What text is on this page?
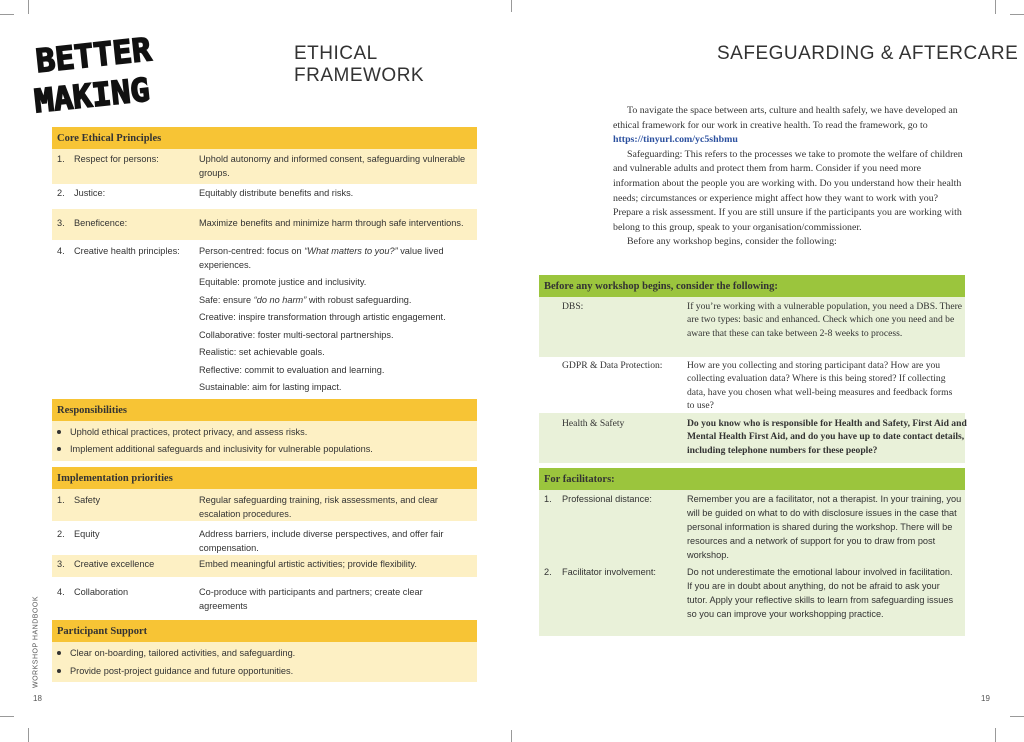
BETTER
MAKING
ETHICAL FRAMEWORK
Core Ethical Principles
1. Respect for persons:	Uphold autonomy and informed consent, safeguarding vulnerable groups.
2. Justice:	Equitably distribute benefits and risks.
3. Beneficence:	Maximize benefits and minimize harm through safe interventions.
4. Creative health principles: Person-centred: focus on “What matters to you?” value lived experiences.
Equitable: promote justice and inclusivity.
Safe: ensure “do no harm” with robust safeguarding.
Creative: inspire transformation through artistic engagement.
Collaborative: foster multi-sectoral partnerships.
Realistic: set achievable goals.
Reflective: commit to evaluation and learning.
Sustainable: aim for lasting impact.
Responsibilities
Uphold ethical practices, protect privacy, and assess risks.
Implement additional safeguards and inclusivity for vulnerable populations.
Implementation priorities
1. Safety	Regular safeguarding training, risk assessments, and clear escalation procedures.
2. Equity	Address barriers, include diverse perspectives, and offer fair compensation.
3. Creative excellence	Embed meaningful artistic activities; provide flexibility.
4. Collaboration	Co-produce with participants and partners; create clear agreements
Participant Support
Clear on-boarding, tailored activities, and safeguarding.
Provide post-project guidance and future opportunities.
WORKSHOP HANDBOOK
18
SAFEGUARDING & AFTERCARE

To navigate the space between arts, culture and health safely, we have developed an ethical framework for our work in creative health. To read the framework, go to https://tinyurl.com/yc5shbmu

Safeguarding: This refers to the processes we take to promote the welfare of children and vulnerable adults and protect them from harm. Consider if you need more information about the people you are working with. Do you understand how their health needs; circumstances or experience might affect how they want to work with you? Prepare a risk assessment. If you are still unsure if the participants you are working with belong to this group, speak to your organisation/commissioner.

Before any workshop begins, consider the following:

Before any workshop begins, consider the following:
DBS:	If you’re working with a vulnerable population, you need a DBS. There are two types: basic and enhanced. Check which one you need and be aware that these can take between 2-8 weeks to process.
GDPR & Data Protection:	How are you collecting and storing participant data? How are you collecting evaluation data? Where is this being stored? If collecting data, have you chosen what well-being measures and feedback forms to use?
Health & Safety	Do you know who is responsible for Health and Safety, First Aid and Mental Health First Aid, and do you have up to date contact details, including telephone numbers for these people?
For facilitators:
1. Professional distance:	Remember you are a facilitator, not a therapist. In your training, you will be guided on what to do with disclosure issues in the case that personal information is shared during the workshop. There will be resources and a network of support for you to draw from post workshop.
2. Facilitator involvement:	Do not underestimate the emotional labour involved in facilitation. If you are in doubt about anything, do not be afraid to ask your tutor. Apply your reflective skills to learn from safeguarding issues so you can improve your workshopping practice.
19
